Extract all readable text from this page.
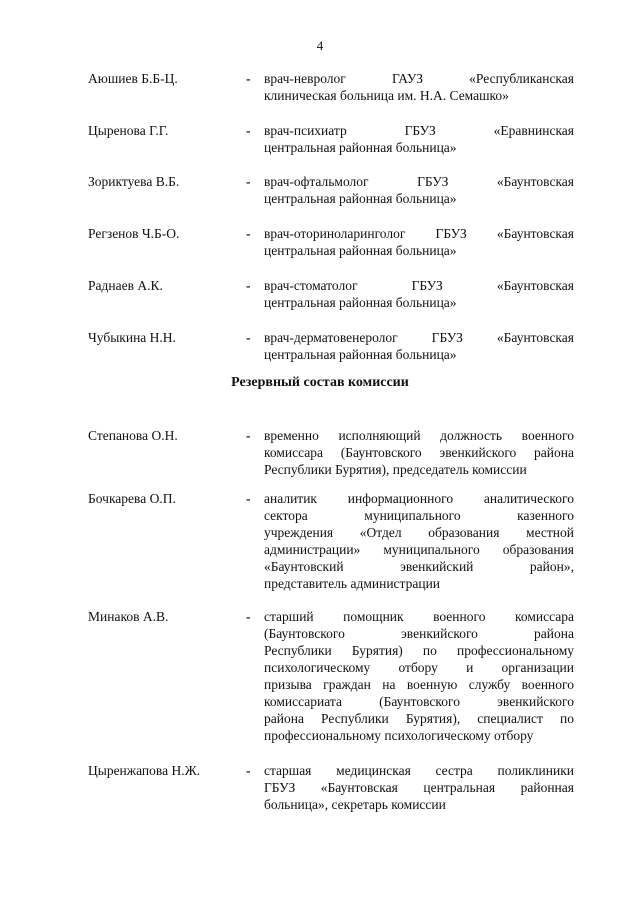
4
Аюшиев Б.Б-Ц.	- врач-невролог ГАУЗ «Республиканская
клиническая больница им. Н.А. Семашко»
Цыренова Г.Г.	- врач-психиатр ГБУЗ «Еравнинская
центральная районная больница»
Зориктуева В.Б.	- врач-офтальмолог ГБУЗ «Баунтовская
центральная районная больница»
Регзенов Ч.Б-О.	- врач-оториноларинголог ГБУЗ «Баунтовская
центральная районная больница»
Раднаев А.К.	- врач-стоматолог ГБУЗ «Баунтовская
центральная районная больница»
Чубыкина Н.Н.	- врач-дерматовенеролог ГБУЗ «Баунтовская
центральная районная больница»
Резервный состав комиссии
Степанова О.Н.	- временно исполняющий должность военного
комиссара (Баунтовского эвенкийского района
Республики Бурятия), председатель комиссии
Бочкарева О.П.	- аналитик информационного аналитического
сектора муниципального казенного
учреждения «Отдел образования местной
администрации» муниципального образования
«Баунтовский эвенкийский район»,
представитель администрации
Минаков А.В.	- старший помощник военного комиссара
(Баунтовского эвенкийского района
Республики Бурятия) по профессиональному
психологическому отбору и организации
призыва граждан на военную службу военного
комиссариата (Баунтовского эвенкийского
района Республики Бурятия), специалист по
профессиональному психологическому отбору
Цыренжапова Н.Ж.	- старшая медицинская сестра поликлиники
ГБУЗ «Баунтовская центральная районная
больница», секретарь комиссии
